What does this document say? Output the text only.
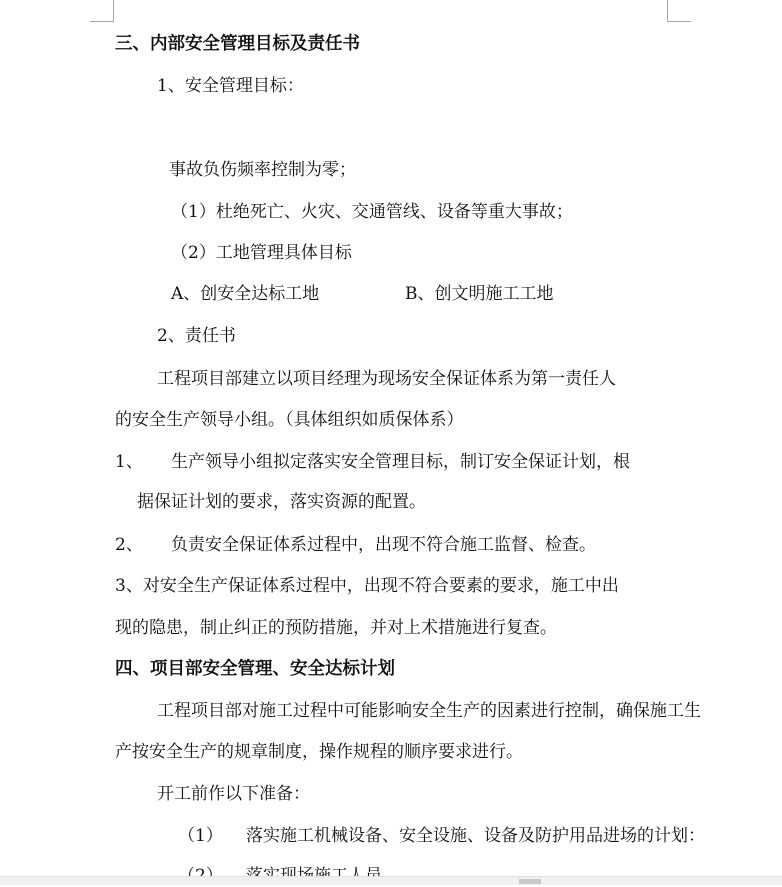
三、内部安全管理目标及责任书
1、安全管理目标：
事故负伤频率控制为零；
（1）杜绝死亡、火灾、交通管线、设备等重大事故；
（2）工地管理具体目标
A、创安全达标工地	B、创文明施工工地
2、责任书
工程项目部建立以项目经理为现场安全保证体系为第一责任人
的安全生产领导小组。（具体组织如质保体系）
1、 生产领导小组拟定落实安全管理目标，制订安全保证计划，根
据保证计划的要求，落实资源的配置。
2、 负责安全保证体系过程中，出现不符合施工监督、检查。
3、对安全生产保证体系过程中，出现不符合要素的要求，施工中出
现的隐患，制止纠正的预防措施，并对上术措施进行复查。
四、项目部安全管理、安全达标计划
工程项目部对施工过程中可能影响安全生产的因素进行控制，确保施工生
产按安全生产的规章制度，操作规程的顺序要求进行。
开工前作以下准备：
（1） 落实施工机械设备、安全设施、设备及防护用品进场的计划：
